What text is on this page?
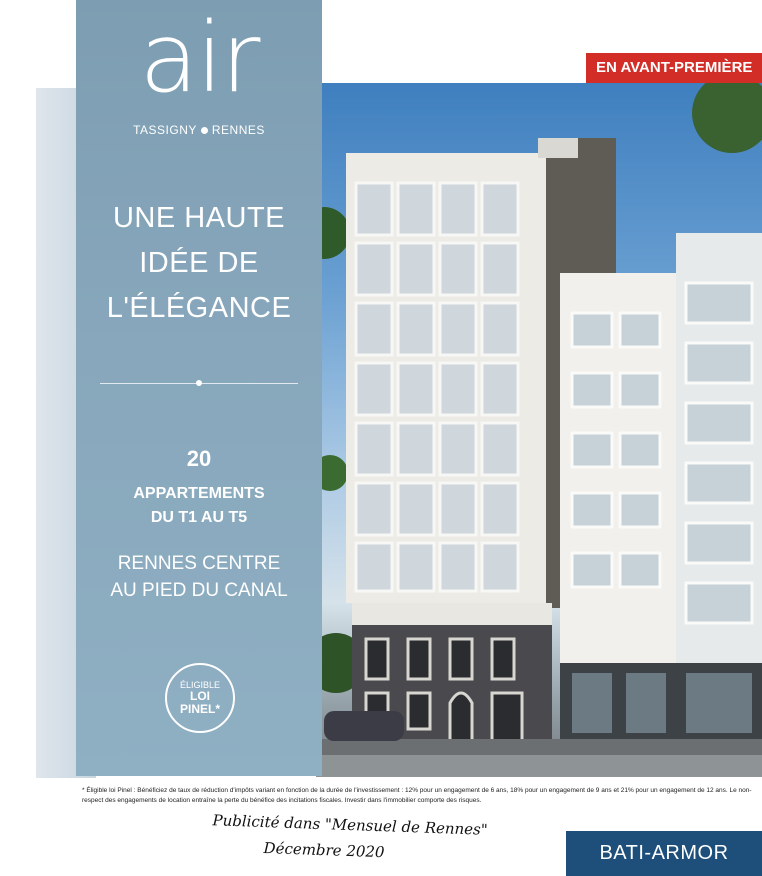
EN AVANT-PREMIÈRE
air
TASSIGNY RENNES
UNE HAUTE
IDÉE DE
L'ÉLÉGANCE
20
APPARTEMENTS
DU T1 AU T5
RENNES CENTRE
AU PIED DU CANAL
ÉLIGIBLE
LOI
PINEL*
* Éligible loi Pinel : Bénéficiez de taux de réduction d'impôts variant en fonction de la durée de l'investissement : 12% pour un engagement de 6 ans, 18% pour un engagement de 9 ans et 21% pour un engagement de 12 ans. Le non-respect des engagements de location entraîne la perte du bénéfice des incitations fiscales. Investir dans l'immobilier comporte des risques.
Publicité dans "Mensuel de Rennes"
Décembre 2020	BATI-ARMOR
